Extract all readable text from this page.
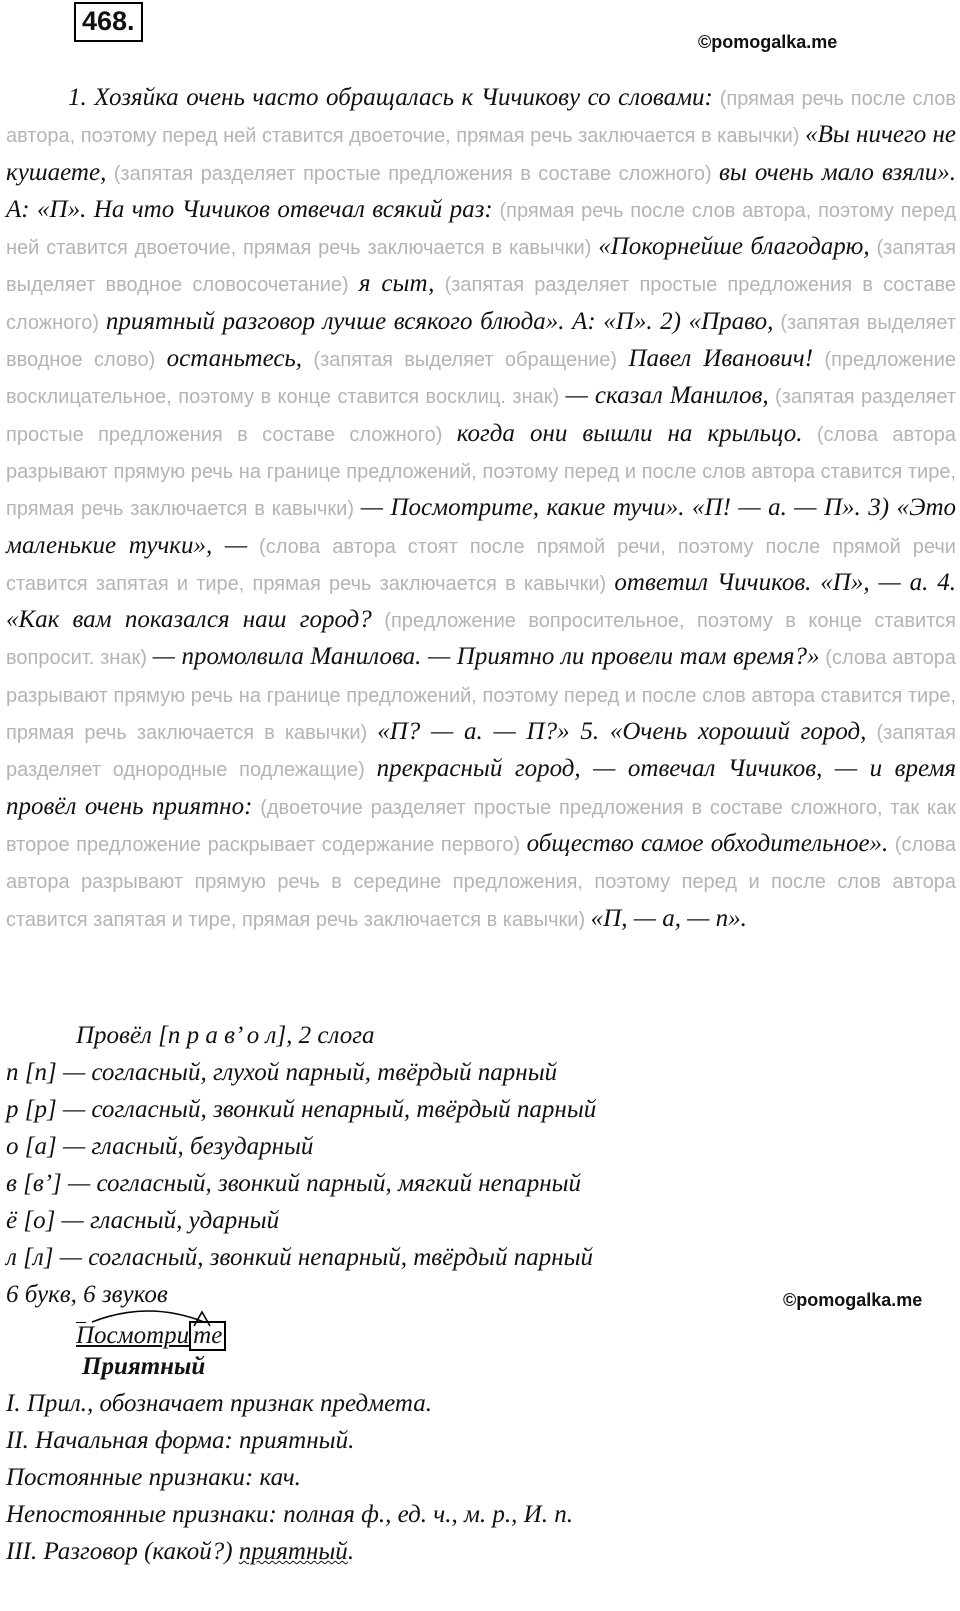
468.
©pomogalka.me

1. Хозяйка очень часто обращалась к Чичикову со словами: (прямая речь после слов автора, поэтому перед ней ставится двоеточие, прямая речь заключается в кавычки) «Вы ничего не кушаете, (запятая разделяет простые предложения в составе сложного) вы очень мало взяли». А: «П». На что Чичиков отвечал всякий раз: (прямая речь после слов автора, поэтому перед ней ставится двоеточие, прямая речь заключается в кавычки) «Покорнейше благодарю, (запятая выделяет вводное словосочетание) я сыт, (запятая разделяет простые предложения в составе сложного) приятный разговор лучше всякого блюда». А: «П». 2) «Право, (запятая выделяет вводное слово) останьтесь, (запятая выделяет обращение) Павел Иванович! (предложение восклицательное, поэтому в конце ставится восклиц. знак) — сказал Манилов, (запятая разделяет простые предложения в составе сложного) когда они вышли на крыльцо. (слова автора разрывают прямую речь на границе предложений, поэтому перед и после слов автора ставится тире, прямая речь заключается в кавычки) — Посмотрите, какие тучи». «П! — а. — П». 3) «Это маленькие тучки», — (слова автора стоят после прямой речи, поэтому после прямой речи ставится запятая и тире, прямая речь заключается в кавычки) ответил Чичиков. «П», — а. 4. «Как вам показался наш город? (предложение вопросительное, поэтому в конце ставится вопросит. знак) — промолвила Манилова. — Приятно ли провели там время?» (слова автора разрывают прямую речь на границе предложений, поэтому перед и после слов автора ставится тире, прямая речь заключается в кавычки) «П? — а. — П?» 5. «Очень хороший город, (запятая разделяет однородные подлежащие) прекрасный город, — отвечал Чичиков, — и время провёл очень приятно: (двоеточие разделяет простые предложения в составе сложного, так как второе предложение раскрывает содержание первого) общество самое обходительное». (слова автора разрывают прямую речь в середине предложения, поэтому перед и после слов автора ставится запятая и тире, прямая речь заключается в кавычки) «П, — а, — п».

Провёл [п р а в’ о л], 2 слога
п [п] — согласный, глухой парный, твёрдый парный
р [р] — согласный, звонкий непарный, твёрдый парный
о [а] — гласный, безударный
в [в’] — согласный, звонкий парный, мягкий непарный
ё [о] — гласный, ударный
л [л] — согласный, звонкий непарный, твёрдый парный
6 букв, 6 звуков	©pomogalka.me
Посмотри те
Приятный
I. Прил., обозначает признак предмета.
II. Начальная форма: приятный.
Постоянные признаки: кач.
Непостоянные признаки: полная ф., ед. ч., м. р., И. п.
III. Разговор (какой?) приятный.
